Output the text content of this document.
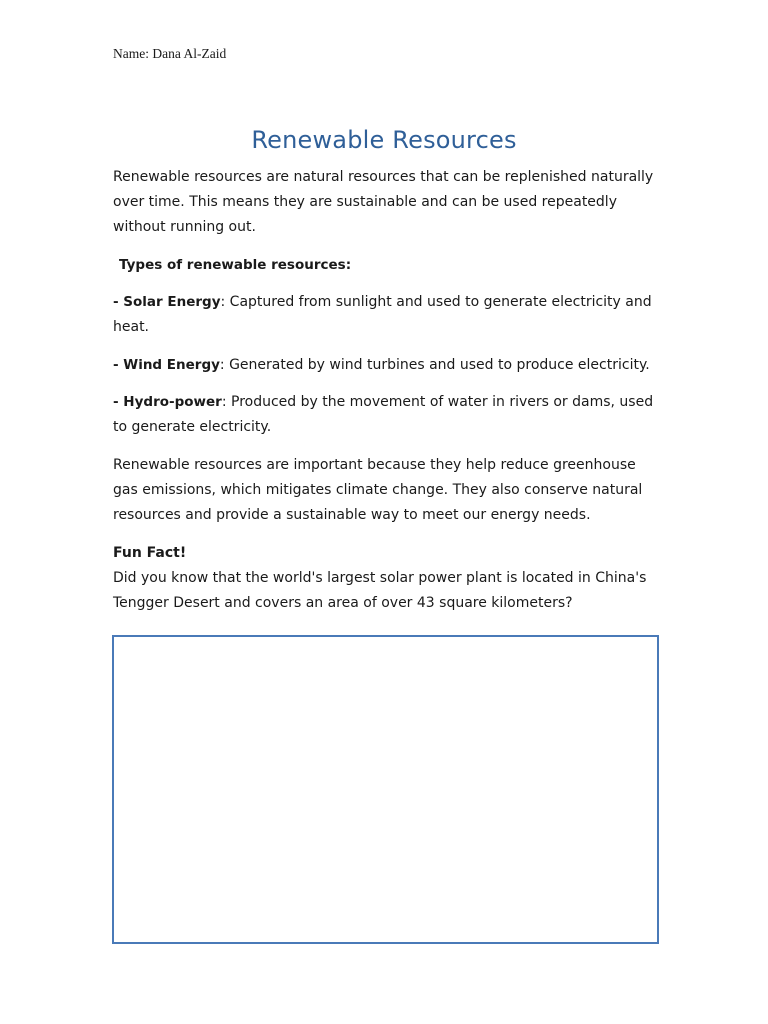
Name: Dana Al-Zaid
Renewable Resources

Renewable resources are natural resources that can be replenished naturally over time. This means they are sustainable and can be used repeatedly without running out.

Types of renewable resources:

- Solar Energy: Captured from sunlight and used to generate electricity and heat.

- Wind Energy: Generated by wind turbines and used to produce electricity.

- Hydro-power: Produced by the movement of water in rivers or dams, used to generate electricity.

Renewable resources are important because they help reduce greenhouse gas emissions, which mitigates climate change. They also conserve natural resources and provide a sustainable way to meet our energy needs.

Fun Fact!
Did you know that the world's largest solar power plant is located in China's Tengger Desert and covers an area of over 43 square kilometers?
